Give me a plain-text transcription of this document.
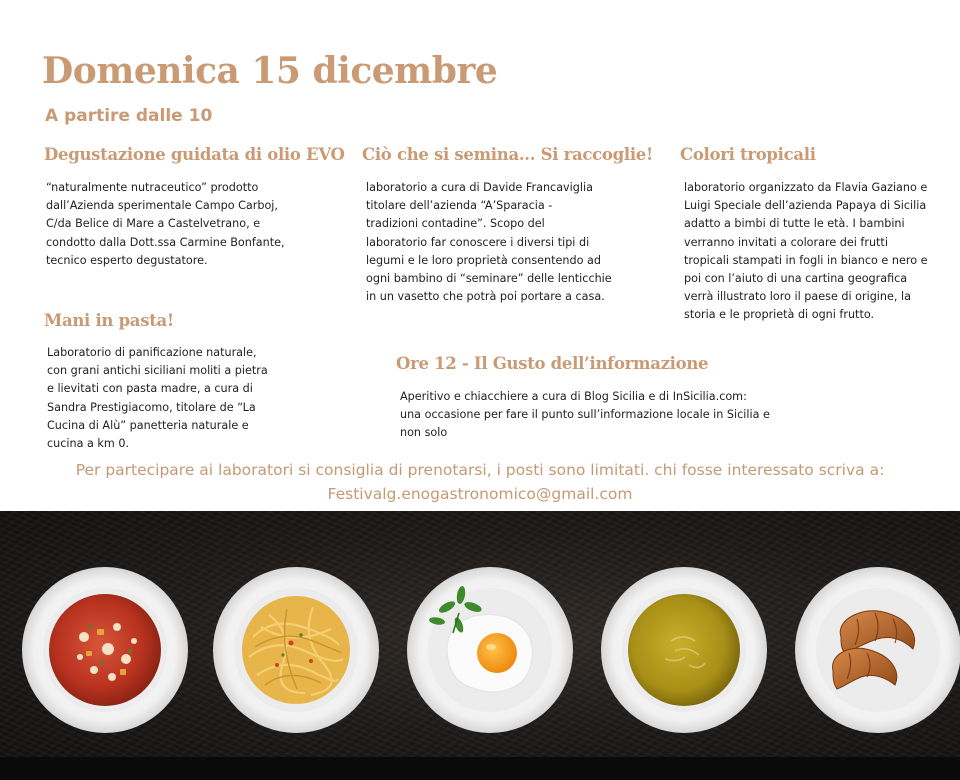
Domenica 15 dicembre
A partire dalle 10
Degustazione guidata di olio EVO
“naturalmente nutraceutico” prodotto
dall’Azienda sperimentale Campo Carboj,
C/da Belice di Mare a Castelvetrano, e
condotto dalla Dott.ssa Carmine Bonfante,
tecnico esperto degustatore.
Ciò che si semina... Si raccoglie!
laboratorio a cura di Davide Francaviglia
titolare dell’azienda “A’Sparacia -
tradizioni contadine”. Scopo del
laboratorio far conoscere i diversi tipi di
legumi e le loro proprietà consentendo ad
ogni bambino di “seminare” delle lenticchie
in un vasetto che potrà poi portare a casa.
Colori tropicali
laboratorio organizzato da Flavia Gaziano e
Luigi Speciale dell’azienda Papaya di Sicilia
adatto a bimbi di tutte le età. I bambini
verranno invitati a colorare dei frutti
tropicali stampati in fogli in bianco e nero e
poi con l’aiuto di una cartina geografica
verrà illustrato loro il paese di origine, la
storia e le proprietà di ogni frutto.
Mani in pasta!
Laboratorio di panificazione naturale,
con grani antichi siciliani moliti a pietra
e lievitati con pasta madre, a cura di
Sandra Prestigiacomo, titolare de “La
Cucina di Alù” panetteria naturale e
cucina a km 0.
Ore 12 - Il Gusto dell’informazione
Aperitivo e chiacchiere a cura di Blog Sicilia e di InSicilia.com:
una occasione per fare il punto sull’informazione locale in Sicilia e
non solo
Per partecipare ai laboratori si consiglia di prenotarsi, i posti sono limitati. chi fosse interessato scriva a:
Festivalg.enogastronomico@gmail.com
